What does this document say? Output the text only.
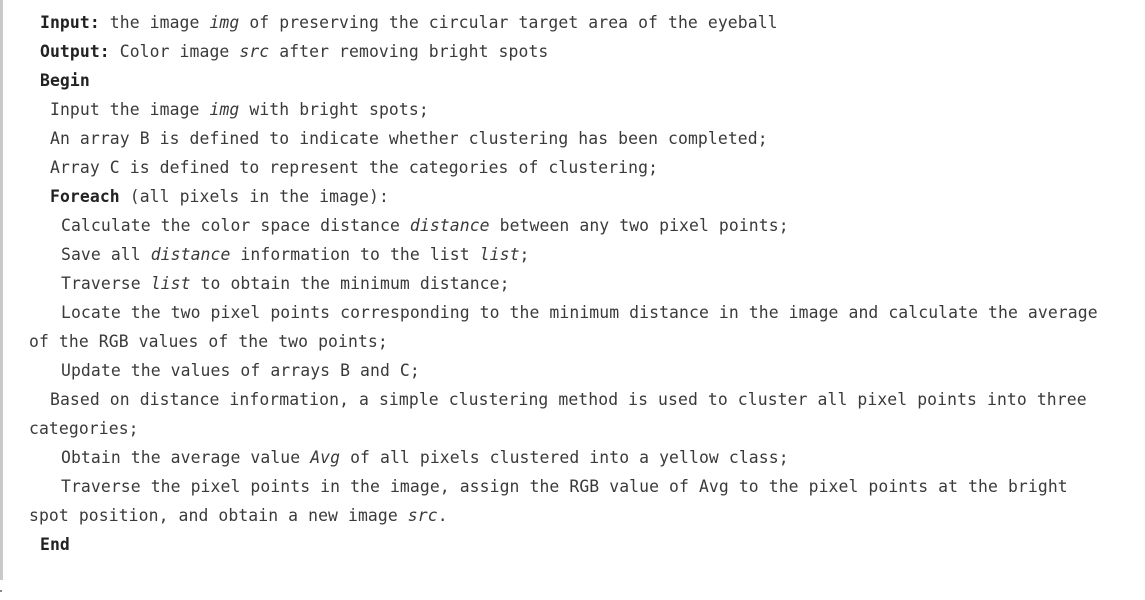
Input: the image img of preserving the circular target area of the eyeball
Output: Color image src after removing bright spots
Begin
Input the image img with bright spots;
An array B is defined to indicate whether clustering has been completed;
Array C is defined to represent the categories of clustering;
Foreach (all pixels in the image):
Calculate the color space distance distance between any two pixel points;
Save all distance information to the list list;
Traverse list to obtain the minimum distance;
Locate the two pixel points corresponding to the minimum distance in the image and calculate the average
of the RGB values of the two points;
Update the values of arrays B and C;
Based on distance information, a simple clustering method is used to cluster all pixel points into three
categories;
Obtain the average value Avg of all pixels clustered into a yellow class;
Traverse the pixel points in the image, assign the RGB value of Avg to the pixel points at the bright
spot position, and obtain a new image src.
End
